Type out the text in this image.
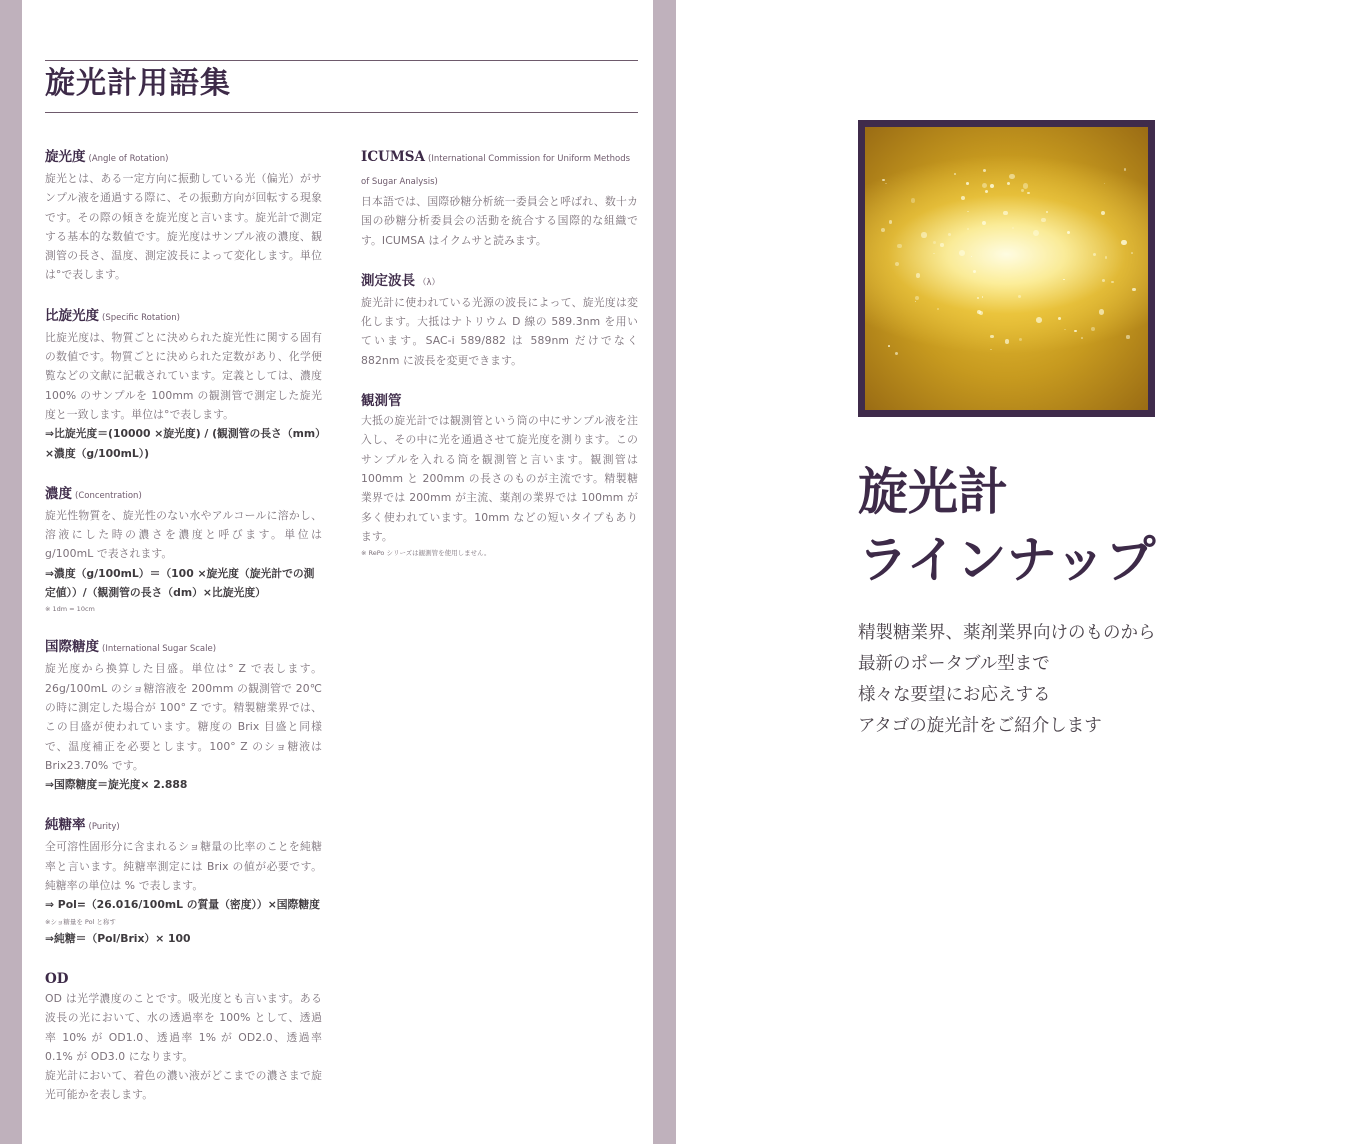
旋光計用語集

旋光度 (Angle of Rotation)

旋光とは、ある一定方向に振動している光（偏光）がサンプル液を通過する際に、その振動方向が回転する現象です。その際の傾きを旋光度と言います。旋光計で測定する基本的な数値です。旋光度はサンプル液の濃度、観測管の長さ、温度、測定波長によって変化します。単位は°で表します。

比旋光度 (Specific Rotation)

比旋光度は、物質ごとに決められた旋光性に関する固有の数値です。物質ごとに決められた定数があり、化学便覧などの文献に記載されています。定義としては、濃度 100% のサンプルを 100mm の観測管で測定した旋光度と一致します。単位は°で表します。

⇒比旋光度＝(10000 ×旋光度) / (観測管の長さ（mm）×濃度（g/100mL）)

濃度 (Concentration)

旋光性物質を、旋光性のない水やアルコールに溶かし、溶液にした時の濃さを濃度と呼びます。単位は g/100mL で表されます。

⇒濃度（g/100mL）＝（100 ×旋光度（旋光計での測定値））/（観測管の長さ（dm）×比旋光度）

※ 1dm = 10cm

国際糖度 (International Sugar Scale)

旋光度から換算した目盛。単位は° Z で表します。26g/100mL のショ糖溶液を 200mm の観測管で 20℃の時に測定した場合が 100° Z です。精製糖業界では、この目盛が使われています。糖度の Brix 目盛と同様で、温度補正を必要とします。100° Z のショ糖液は Brix23.70% です。

⇒国際糖度＝旋光度× 2.888

純糖率 (Purity)

全可溶性固形分に含まれるショ糖量の比率のことを純糖率と言います。純糖率測定には Brix の値が必要です。純糖率の単位は % で表します。

⇒ Pol=（26.016/100mL の質量（密度））×国際糖度

※ショ糖量を Pol と称す

⇒純糖＝（Pol/Brix）× 100

OD

OD は光学濃度のことです。吸光度とも言います。ある波長の光において、水の透過率を 100% として、透過率 10% が OD1.0、透過率 1% が OD2.0、透過率 0.1% が OD3.0 になります。

旋光計において、着色の濃い液がどこまでの濃さまで旋光可能かを表します。

ICUMSA (International Commission for Uniform Methods of Sugar Analysis)

日本語では、国際砂糖分析統一委員会と呼ばれ、数十カ国の砂糖分析委員会の活動を統合する国際的な組織です。ICUMSA はイクムサと読みます。

測定波長 （λ）

旋光計に使われている光源の波長によって、旋光度は変化します。大抵はナトリウム D 線の 589.3nm を用いています。SAC-i 589/882 は 589nm だけでなく 882nm に波長を変更できます。

観測管

大抵の旋光計では観測管という筒の中にサンプル液を注入し、その中に光を通過させて旋光度を測ります。このサンプルを入れる筒を観測管と言います。観測管は 100mm と 200mm の長さのものが主流です。精製糖業界では 200mm が主流、薬剤の業界では 100mm が多く使われています。10mm などの短いタイプもあります。

※ RePo シリーズは観測管を使用しません。

旋光計
ラインナップ

精製糖業界、薬剤業界向けのものから
最新のポータブル型まで
様々な要望にお応えする
アタゴの旋光計をご紹介します
